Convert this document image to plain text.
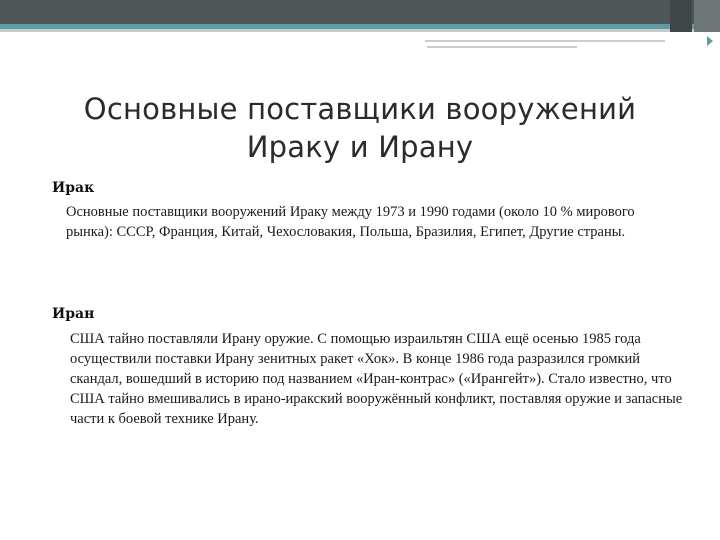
Основные поставщики вооружений Ираку и Ирану
Ирак
Основные поставщики вооружений Ираку между 1973 и 1990 годами (около 10 % мирового рынка): СССР, Франция, Китай, Чехословакия, Польша, Бразилия, Египет, Другие страны.
Иран
США тайно поставляли Ирану оружие. С помощью израильтян США ещё осенью 1985 года осуществили поставки Ирану зенитных ракет «Хок». В конце 1986 года разразился громкий скандал, вошедший в историю под названием «Иран-контрас» («Ирангейт»). Стало известно, что США тайно вмешивались в ирано-иракский вооружённый конфликт, поставляя оружие и запасные части к боевой технике Ирану.
